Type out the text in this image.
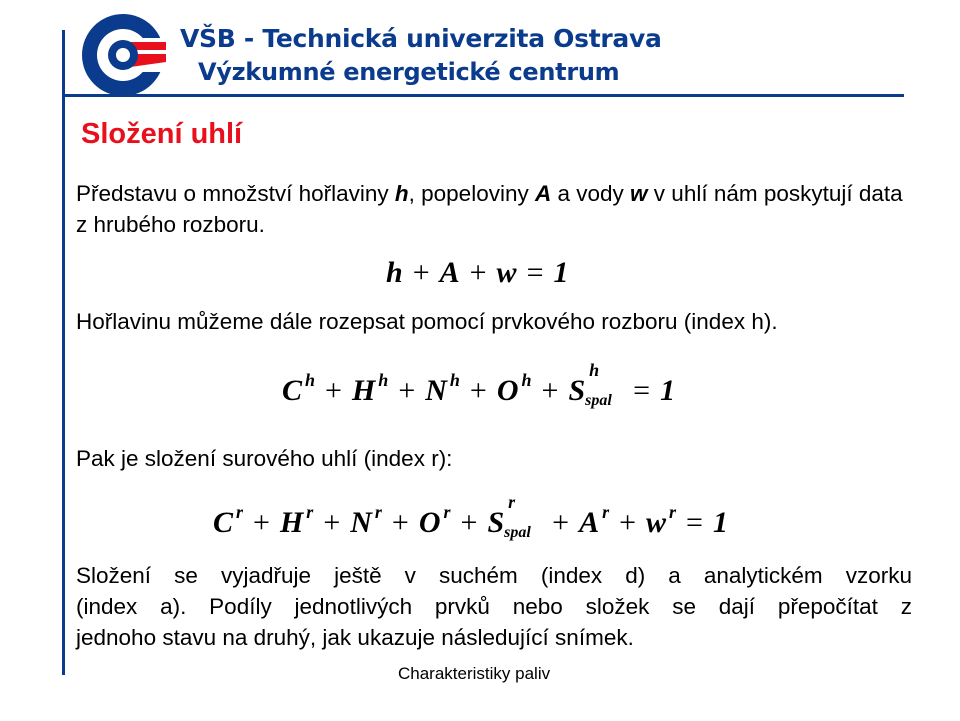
VŠB - Technická univerzita Ostrava
Výzkumné energetické centrum
Složení uhlí
Představu o množství hořlaviny h, popeloviny A a vody w v uhlí nám poskytují data z hrubého rozboru.
h + A + w = 1
Hořlavinu můžeme dále rozepsat pomocí prvkového rozboru (index h).
C $^h$ + H $^h$ + N $^h$ + O $^h$ + S
h
spal = 1
Pak je složení surového uhlí (index r):
C $^r$ + H $^r$ + N $^r$ + O $^r$ + S
r
spal + A $^r$ + w $^r$ = 1
Složení se vyjadřuje ještě v suchém (index d) a analytickém vzorku
(index a). Podíly jednotlivých prvků nebo složek se dají přepočítat z
jednoho stavu na druhý, jak ukazuje následující snímek.
Charakteristiky paliv
